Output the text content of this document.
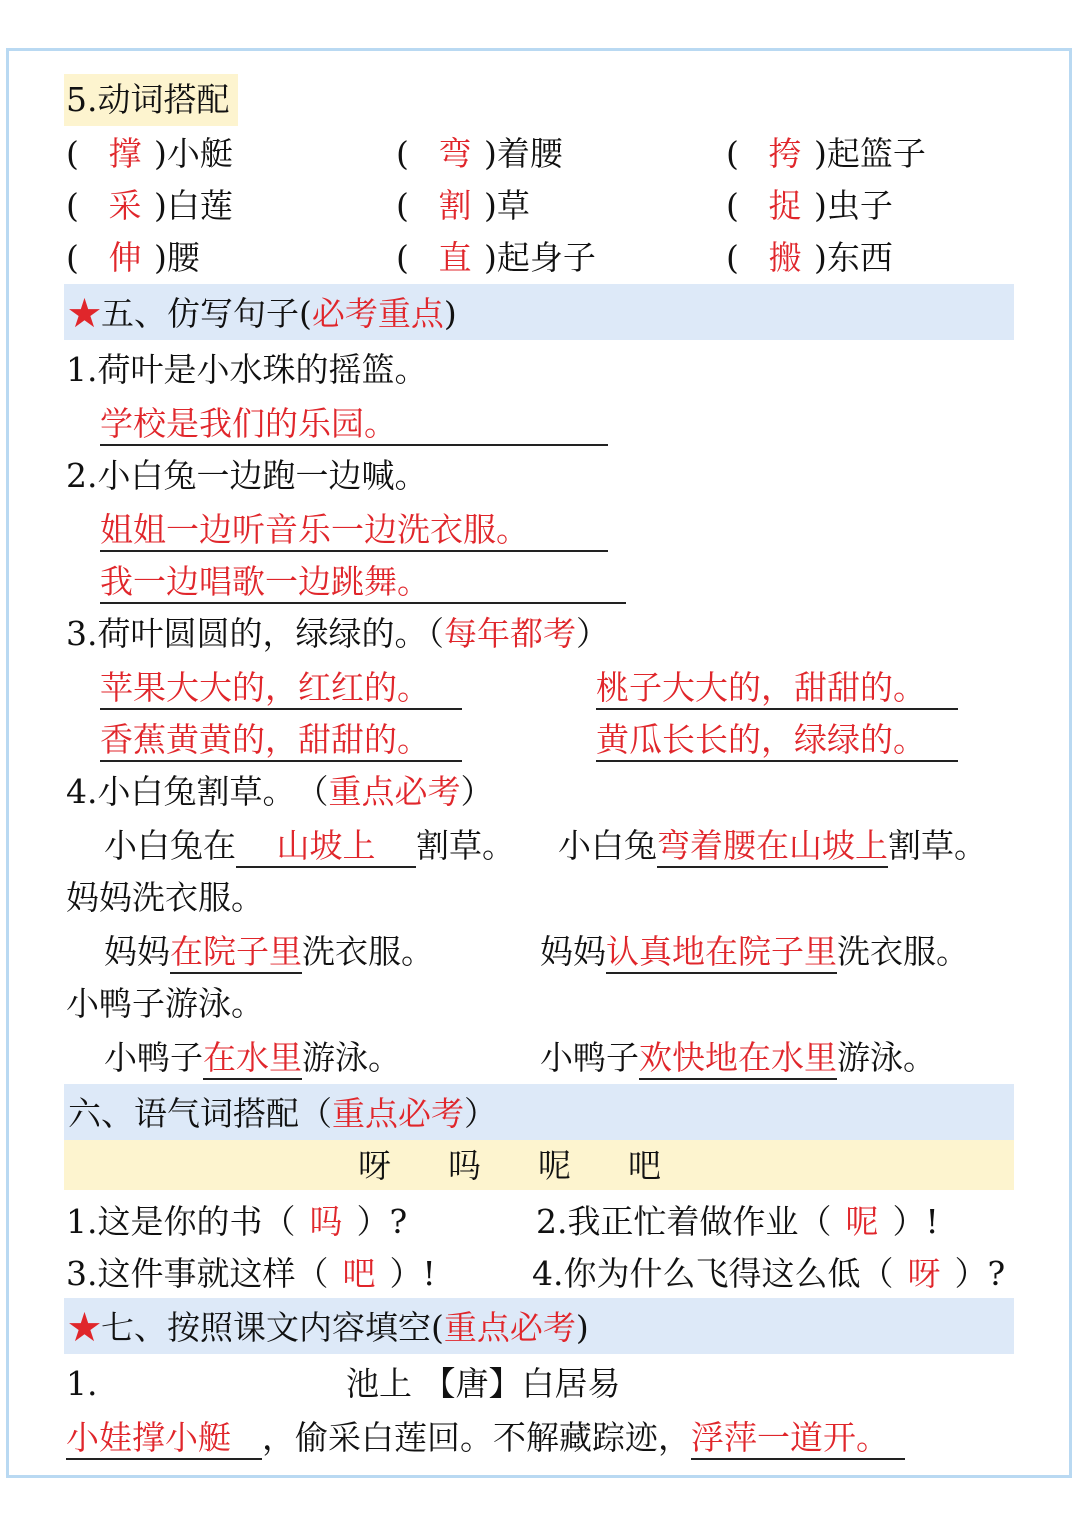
5.动词搭配
( 撑 )小艇	( 弯 )着腰	( 挎 )起篮子
( 采 )白莲	( 割 )草	( 捉 )虫子
( 伸 )腰	( 直 )起身子	( 搬 )东西
★五、仿写句子(必考重点)
1.荷叶是小水珠的摇篮。
学校是我们的乐园。
2.小白兔一边跑一边喊。
姐姐一边听音乐一边洗衣服。
我一边唱歌一边跳舞。
3.荷叶圆圆的，绿绿的。（每年都考）
苹果大大的，红红的。	桃子大大的，甜甜的。
香蕉黄黄的，甜甜的。	黄瓜长长的，绿绿的。
4.小白兔割草。　（重点必考）
小白兔在 山坡上 割草。 小白兔弯着腰在山坡上割草。
妈妈洗衣服。
妈妈在院子里洗衣服。	妈妈认真地在院子里洗衣服。
小鸭子游泳。
小鸭子在水里游泳。	小鸭子欢快地在水里游泳。
六、语气词搭配（重点必考）
呀 吗 呢 吧
1.这是你的书（ 吗 ）?	2.我正忙着做作业（ 呢 ）!
3.这件事就这样（ 吧 ）!	4.你为什么飞得这么低（ 呀 ）?
★七、按照课文内容填空(重点必考)
1.	池上 【唐】白居易
小娃撑小艇 ，偷采白莲回。不解藏踪迹，浮萍一道开。
